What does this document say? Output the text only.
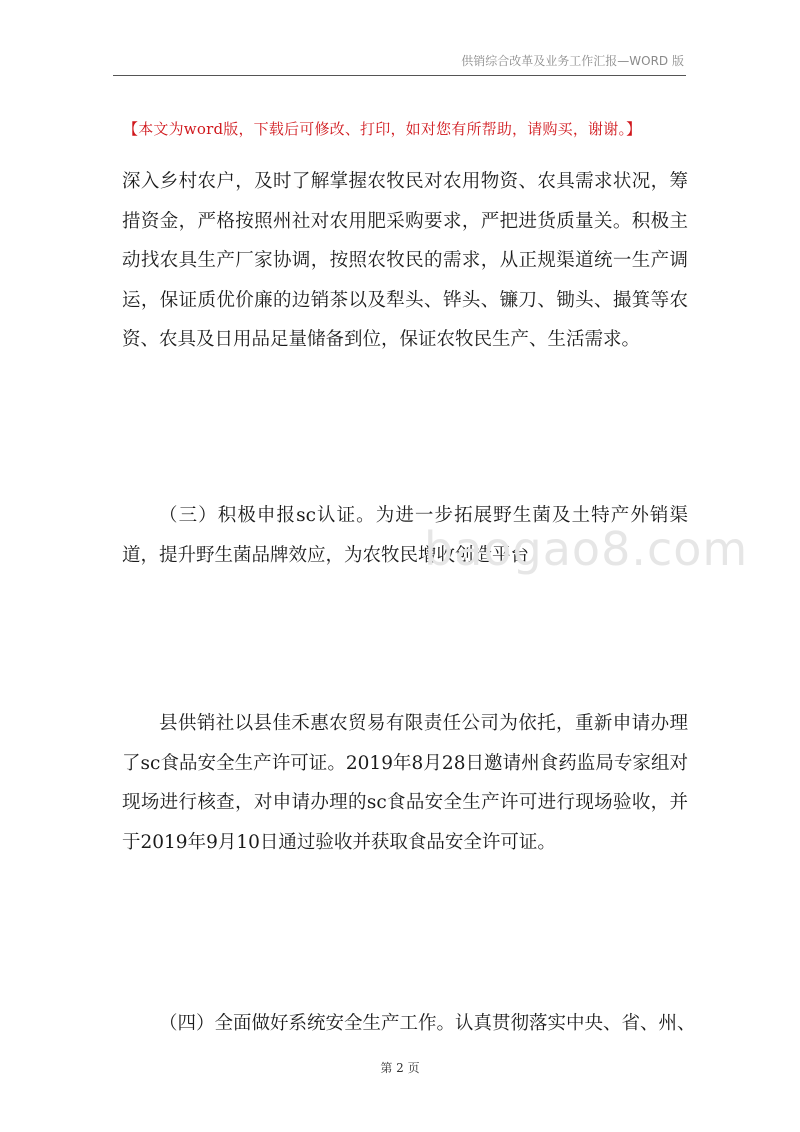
供销综合改革及业务工作汇报—WORD 版
【本文为word版，下载后可修改、打印，如对您有所帮助，请购买，谢谢。】

深入乡村农户，及时了解掌握农牧民对农用物资、农具需求状况，筹措资金，严格按照州社对农用肥采购要求，严把进货质量关。积极主动找农具生产厂家协调，按照农牧民的需求，从正规渠道统一生产调运，保证质优价廉的边销茶以及犁头、铧头、镰刀、锄头、撮箕等农资、农具及日用品足量储备到位，保证农牧民生产、生活需求。

（三）积极申报sc认证。为进一步拓展野生菌及土特产外销渠道，提升野生菌品牌效应，为农牧民增收创造平台

县供销社以县佳禾惠农贸易有限责任公司为依托，重新申请办理了sc食品安全生产许可证。2019年8月28日邀请州食药监局专家组对现场进行核查，对申请办理的sc食品安全生产许可进行现场验收，并于2019年9月10日通过验收并获取食品安全许可证。

（四）全面做好系统安全生产工作。认真贯彻落实中央、省、州、

baogao8.com
第 2 页
